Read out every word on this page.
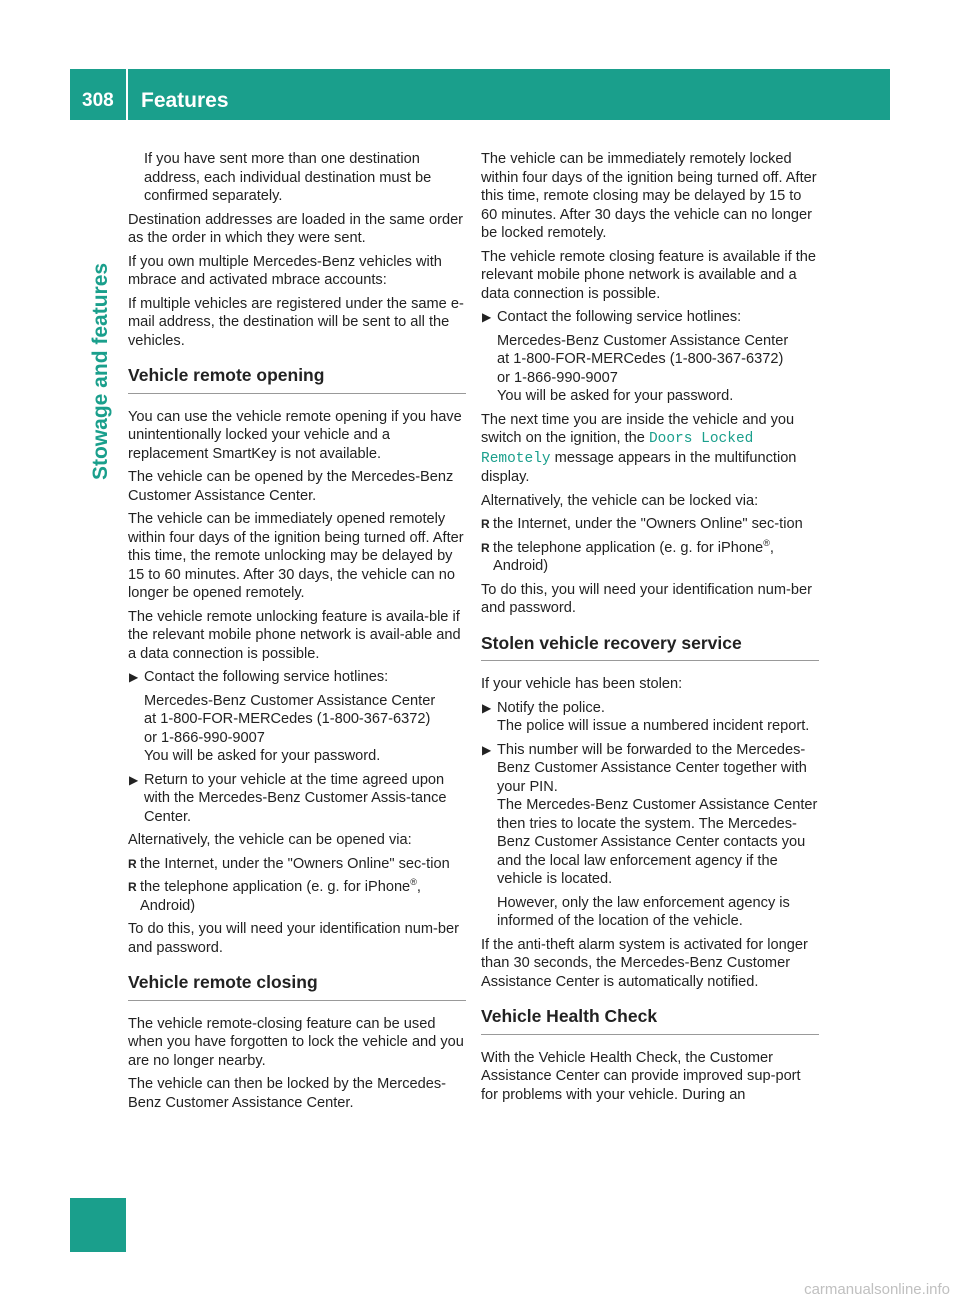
308 Features
Stowage and features

If you have sent more than one destination address, each individual destination must be confirmed separately.

Destination addresses are loaded in the same order as the order in which they were sent.

If you own multiple Mercedes-Benz vehicles with mbrace and activated mbrace accounts:

If multiple vehicles are registered under the same e-mail address, the destination will be sent to all the vehicles.

Vehicle remote opening

You can use the vehicle remote opening if you have unintentionally locked your vehicle and a replacement SmartKey is not available.

The vehicle can be opened by the Mercedes-Benz Customer Assistance Center.

The vehicle can be immediately opened remotely within four days of the ignition being turned off. After this time, the remote unlocking may be delayed by 15 to 60 minutes. After 30 days, the vehicle can no longer be opened remotely.

The vehicle remote unlocking feature is availa-ble if the relevant mobile phone network is avail-able and a data connection is possible.

▶ Contact the following service hotlines:
Mercedes-Benz Customer Assistance Center
at 1-800-FOR-MERCedes (1-800-367-6372)
or 1-866-990-9007
You will be asked for your password.
▶ Return to your vehicle at the time agreed upon with the Mercedes-Benz Customer Assis-tance Center.

Alternatively, the vehicle can be opened via:

R the Internet, under the "Owners Online" sec-tion
R the telephone application (e. g. for iPhone®, Android)

To do this, you will need your identification num-ber and password.

Vehicle remote closing

The vehicle remote-closing feature can be used when you have forgotten to lock the vehicle and you are no longer nearby.

The vehicle can then be locked by the Mercedes-Benz Customer Assistance Center.

The vehicle can be immediately remotely locked within four days of the ignition being turned off. After this time, remote closing may be delayed by 15 to 60 minutes. After 30 days the vehicle can no longer be locked remotely.

The vehicle remote closing feature is available if the relevant mobile phone network is available and a data connection is possible.

▶ Contact the following service hotlines:
Mercedes-Benz Customer Assistance Center
at 1-800-FOR-MERCedes (1-800-367-6372)
or 1-866-990-9007
You will be asked for your password.

The next time you are inside the vehicle and you switch on the ignition, the Doors Locked Remotely message appears in the multifunction display.

Alternatively, the vehicle can be locked via:

R the Internet, under the "Owners Online" sec-tion
R the telephone application (e. g. for iPhone®, Android)

To do this, you will need your identification num-ber and password.

Stolen vehicle recovery service

If your vehicle has been stolen:

▶ Notify the police.
The police will issue a numbered incident report.
▶ This number will be forwarded to the Mercedes-Benz Customer Assistance Center together with your PIN.
The Mercedes-Benz Customer Assistance Center then tries to locate the system. The Mercedes-Benz Customer Assistance Center contacts you and the local law enforcement agency if the vehicle is located.
However, only the law enforcement agency is informed of the location of the vehicle.

If the anti-theft alarm system is activated for longer than 30 seconds, the Mercedes-Benz Customer Assistance Center is automatically notified.

Vehicle Health Check

With the Vehicle Health Check, the Customer Assistance Center can provide improved sup-port for problems with your vehicle. During an

carmanualsonline.info
